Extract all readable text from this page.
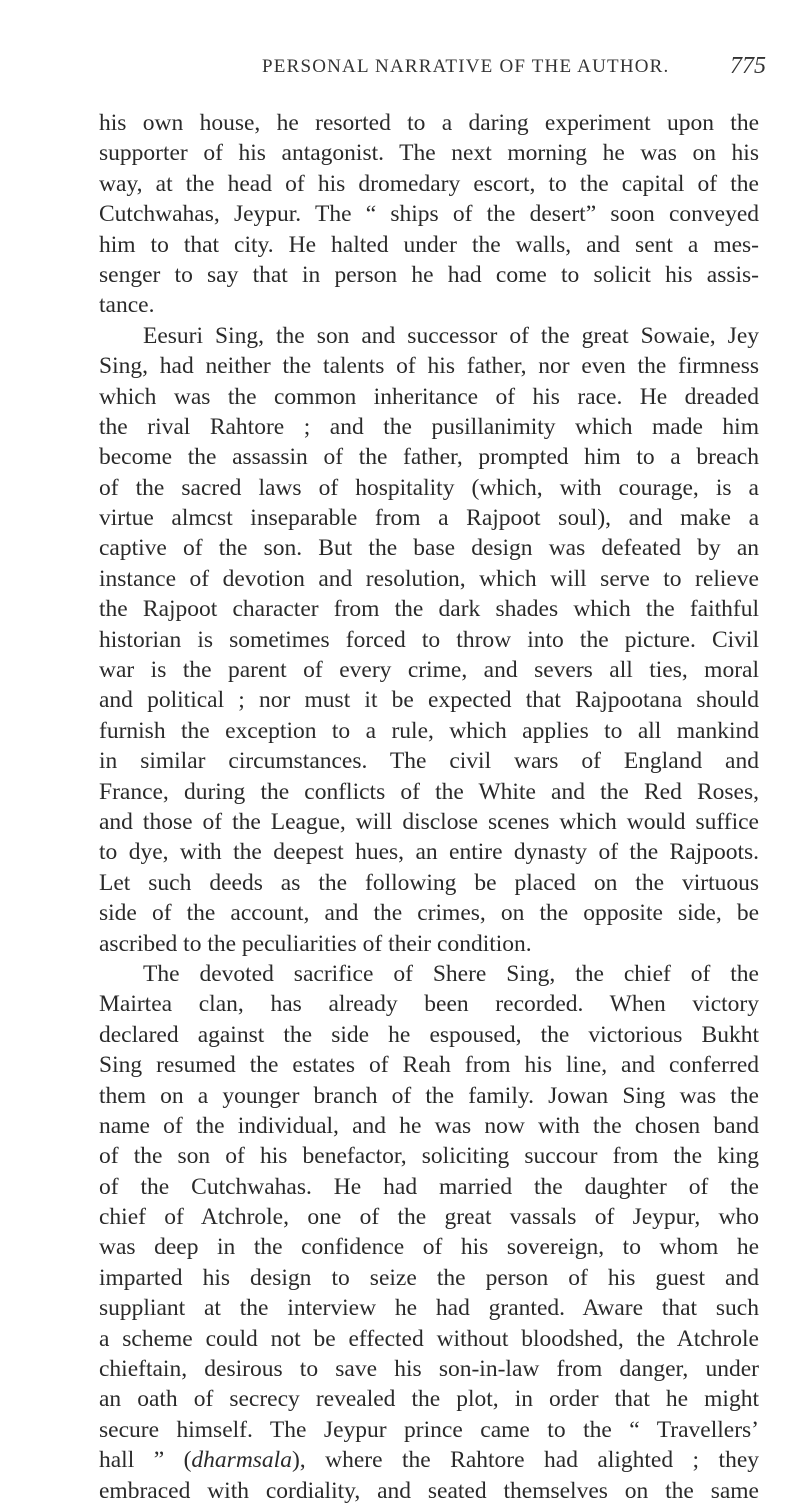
PERSONAL NARRATIVE OF THE AUTHOR.	775
his own house, he resorted to a daring experiment upon the
supporter of his antagonist. The next morning he was on his
way, at the head of his dromedary escort, to the capital of the
Cutchwahas, Jeypur. The “ ships of the desert” soon conveyed
him to that city. He halted under the walls, and sent a mes-
senger to say that in person he had come to solicit his assis-
tance.
Eesuri Sing, the son and successor of the great Sowaie, Jey
Sing, had neither the talents of his father, nor even the firmness
which was the common inheritance of his race. He dreaded
the rival Rahtore ; and the pusillanimity which made him
become the assassin of the father, prompted him to a breach
of the sacred laws of hospitality (which, with courage, is a
virtue almcst inseparable from a Rajpoot soul), and make a
captive of the son. But the base design was defeated by an
instance of devotion and resolution, which will serve to relieve
the Rajpoot character from the dark shades which the faithful
historian is sometimes forced to throw into the picture. Civil
war is the parent of every crime, and severs all ties, moral
and political ; nor must it be expected that Rajpootana should
furnish the exception to a rule, which applies to all mankind
in similar circumstances. The civil wars of England and
France, during the conflicts of the White and the Red Roses,
and those of the League, will disclose scenes which would suffice
to dye, with the deepest hues, an entire dynasty of the Rajpoots.
Let such deeds as the following be placed on the virtuous
side of the account, and the crimes, on the opposite side, be
ascribed to the peculiarities of their condition.
The devoted sacrifice of Shere Sing, the chief of the
Mairtea clan, has already been recorded. When victory
declared against the side he espoused, the victorious Bukht
Sing resumed the estates of Reah from his line, and conferred
them on a younger branch of the family. Jowan Sing was the
name of the individual, and he was now with the chosen band
of the son of his benefactor, soliciting succour from the king
of the Cutchwahas. He had married the daughter of the
chief of Atchrole, one of the great vassals of Jeypur, who
was deep in the confidence of his sovereign, to whom he
imparted his design to seize the person of his guest and
suppliant at the interview he had granted. Aware that such
a scheme could not be effected without bloodshed, the Atchrole
chieftain, desirous to save his son-in-law from danger, under
an oath of secrecy revealed the plot, in order that he might
secure himself. The Jeypur prince came to the “ Travellers’
hall ” (dharmsala), where the Rahtore had alighted ; they
embraced with cordiality, and seated themselves on the same
